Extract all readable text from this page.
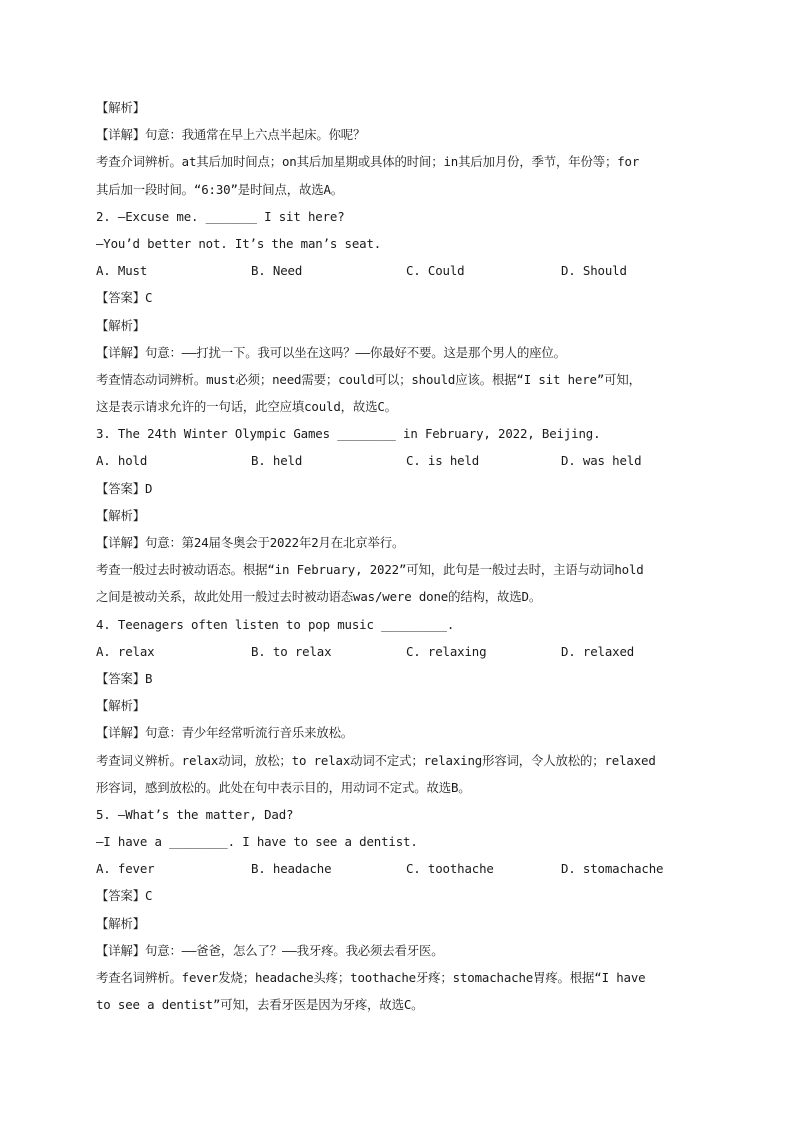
【解析】
【详解】句意：我通常在早上六点半起床。你呢？
考查介词辨析。at其后加时间点；on其后加星期或具体的时间；in其后加月份，季节，年份等；for
其后加一段时间。“6:30”是时间点，故选A。
2. —Excuse me. _______ I sit here?
—You’d better not. It’s the man’s seat.
A. Must	B. Need	C. Could	D. Should
【答案】C
【解析】
【详解】句意：——打扰一下。我可以坐在这吗？——你最好不要。这是那个男人的座位。
考查情态动词辨析。must必须；need需要；could可以；should应该。根据“I sit here”可知，
这是表示请求允许的一句话，此空应填could，故选C。
3. The 24th Winter Olympic Games ________ in February, 2022, Beijing.
A. hold	B. held	C. is held	D. was held
【答案】D
【解析】
【详解】句意：第24届冬奥会于2022年2月在北京举行。
考查一般过去时被动语态。根据“in February, 2022”可知，此句是一般过去时，主语与动词hold
之间是被动关系，故此处用一般过去时被动语态was/were done的结构，故选D。
4. Teenagers often listen to pop music _________.
A. relax	B. to relax	C. relaxing	D. relaxed
【答案】B
【解析】
【详解】句意：青少年经常听流行音乐来放松。
考查词义辨析。relax动词，放松；to relax动词不定式；relaxing形容词，令人放松的；relaxed
形容词，感到放松的。此处在句中表示目的，用动词不定式。故选B。
5. —What’s the matter, Dad?
—I have a ________. I have to see a dentist.
A. fever	B. headache	C. toothache	D. stomachache
【答案】C
【解析】
【详解】句意：——爸爸，怎么了？——我牙疼。我必须去看牙医。
考查名词辨析。fever发烧；headache头疼；toothache牙疼；stomachache胃疼。根据“I have
to see a dentist”可知，去看牙医是因为牙疼，故选C。
